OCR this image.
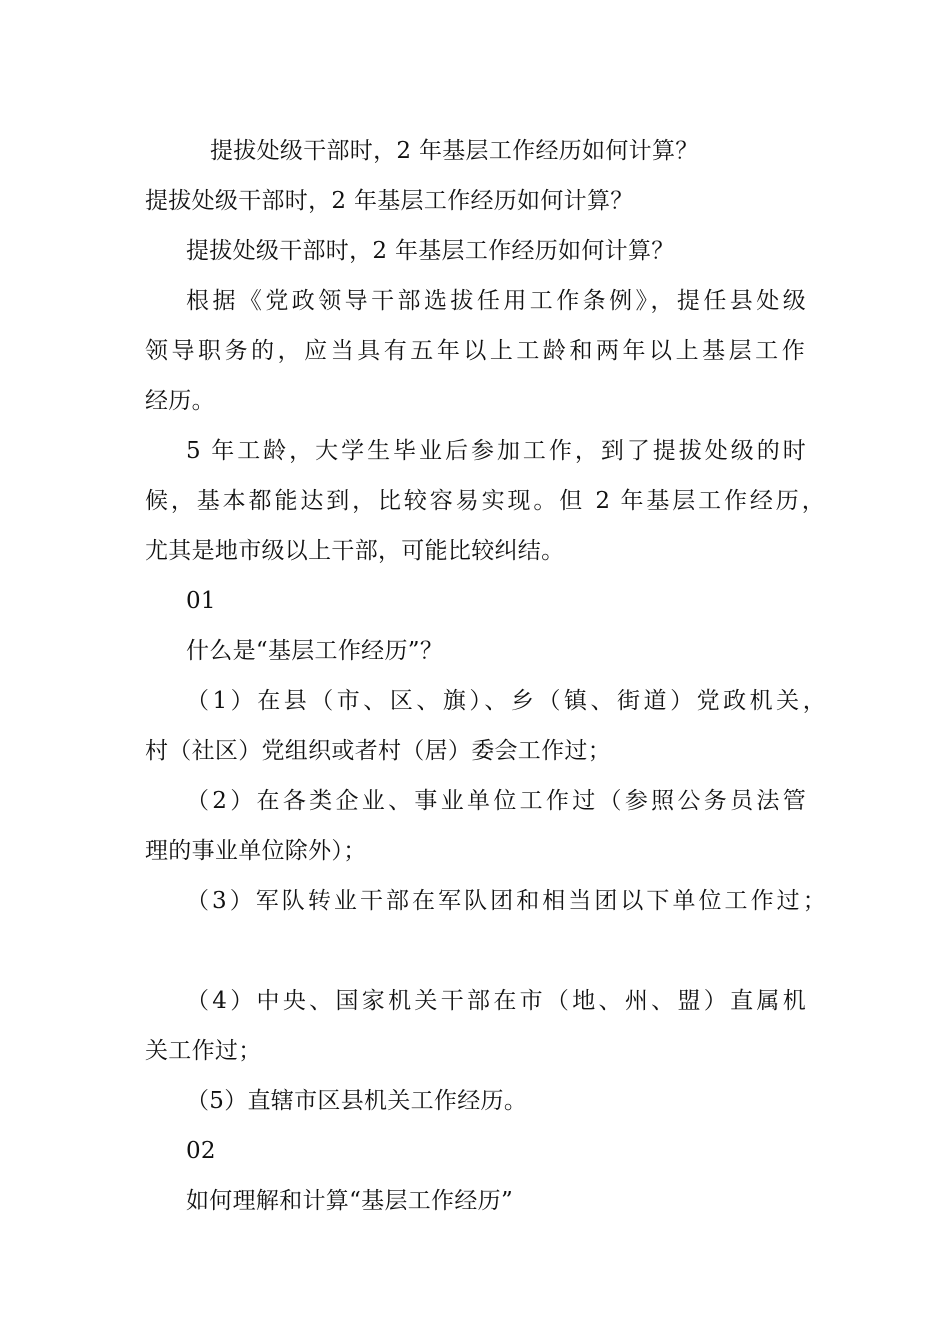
提拔处级干部时，2 年基层工作经历如何计算？
提拔处级干部时，2 年基层工作经历如何计算？
提拔处级干部时，2 年基层工作经历如何计算？
根据《党政领导干部选拔任用工作条例》，提任县处级
领导职务的，应当具有五年以上工龄和两年以上基层工作
经历。
5 年工龄，大学生毕业后参加工作，到了提拔处级的时
候，基本都能达到，比较容易实现。但 2 年基层工作经历，
尤其是地市级以上干部，可能比较纠结。
01
什么是“基层工作经历”？
（1）在县（市、区、旗）、乡（镇、街道）党政机关，
村（社区）党组织或者村（居）委会工作过；
（2）在各类企业、事业单位工作过（参照公务员法管
理的事业单位除外）；
（3）军队转业干部在军队团和相当团以下单位工作过；
（4）中央、国家机关干部在市（地、州、盟）直属机
关工作过；
（5）直辖市区县机关工作经历。
02
如何理解和计算“基层工作经历”
